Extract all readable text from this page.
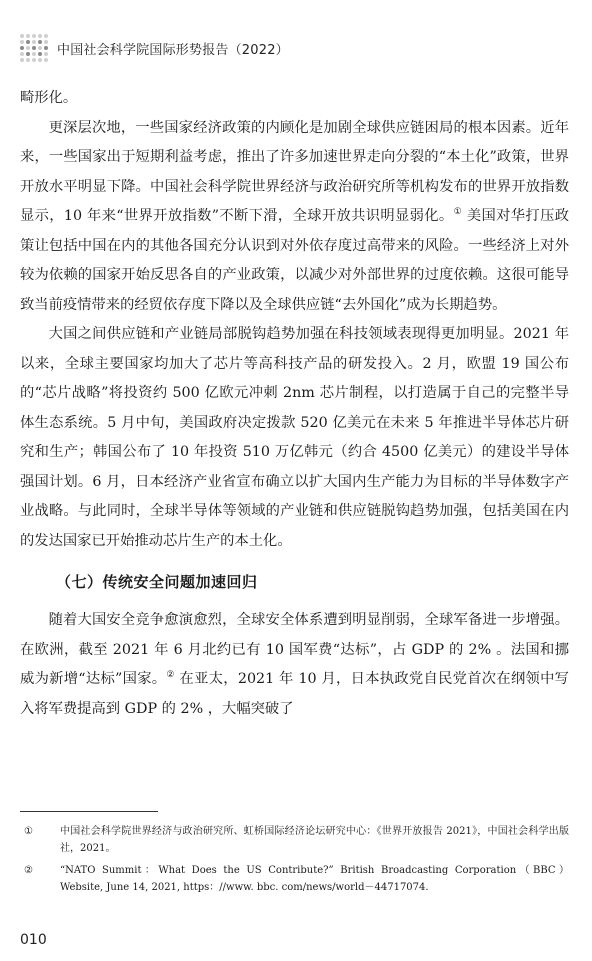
中国社会科学院国际形势报告（2022）

畸形化。

更深层次地，一些国家经济政策的内顾化是加剧全球供应链困局的根本因素。近年来，一些国家出于短期利益考虑，推出了许多加速世界走向分裂的“本土化”政策，世界开放水平明显下降。中国社会科学院世界经济与政治研究所等机构发布的世界开放指数显示，10 年来“世界开放指数”不断下滑，全球开放共识明显弱化。① 美国对华打压政策让包括中国在内的其他各国充分认识到对外依存度过高带来的风险。一些经济上对外较为依赖的国家开始反思各自的产业政策，以减少对外部世界的过度依赖。这很可能导致当前疫情带来的经贸依存度下降以及全球供应链“去外国化”成为长期趋势。

大国之间供应链和产业链局部脱钩趋势加强在科技领域表现得更加明显。2021 年以来，全球主要国家均加大了芯片等高科技产品的研发投入。2 月，欧盟 19 国公布的“芯片战略”将投资约 500 亿欧元冲刺 2nm 芯片制程，以打造属于自己的完整半导体生态系统。5 月中旬，美国政府决定拨款 520 亿美元在未来 5 年推进半导体芯片研究和生产；韩国公布了 10 年投资 510 万亿韩元（约合 4500 亿美元）的建设半导体强国计划。6 月，日本经济产业省宣布确立以扩大国内生产能力为目标的半导体数字产业战略。与此同时，全球半导体等领域的产业链和供应链脱钩趋势加强，包括美国在内的发达国家已开始推动芯片生产的本土化。

（七）传统安全问题加速回归

随着大国安全竞争愈演愈烈，全球安全体系遭到明显削弱，全球军备进一步增强。在欧洲，截至 2021 年 6 月北约已有 10 国军费“达标”，占 GDP 的 2% 。法国和挪威为新增“达标”国家。② 在亚太，2021 年 10 月，日本执政党自民党首次在纲领中写入将军费提高到 GDP 的 2% ，大幅突破了

①	中国社会科学院世界经济与政治研究所、虹桥国际经济论坛研究中心：《世界开放报告 2021》，中国社会科学出版社，2021。
②	“NATO Summit：What Does the US Contribute?” British Broadcasting Corporation（BBC） Website, June 14, 2021, https：//www. bbc. com/news/world－44717074.
010
